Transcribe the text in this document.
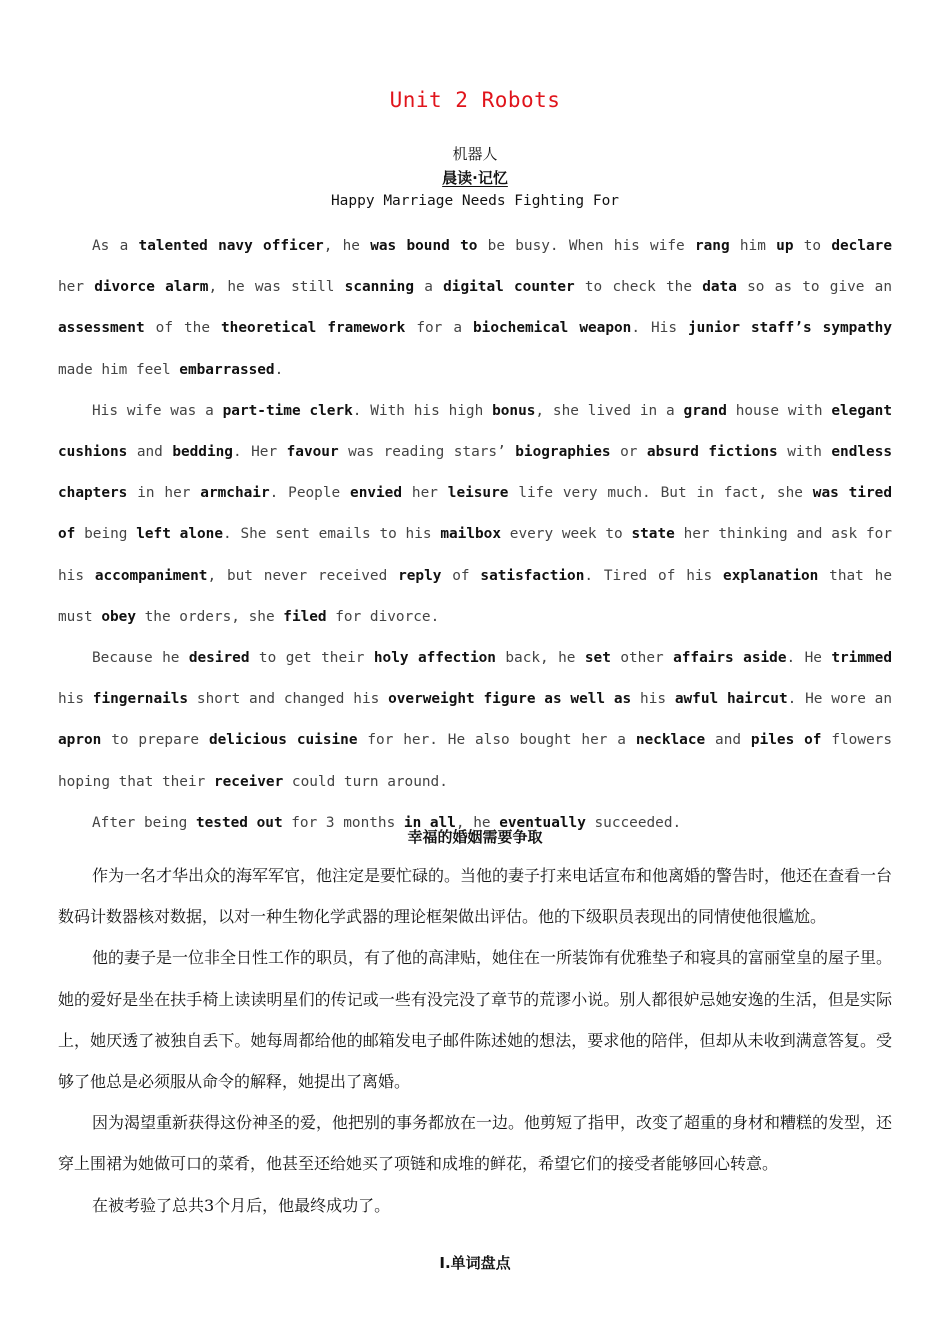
Unit 2 Robots
机器人
晨读·记忆
Happy Marriage Needs Fighting For

As a talented navy officer, he was bound to be busy. When his wife rang him up to declare her divorce alarm, he was still scanning a digital counter to check the data so as to give an assessment of the theoretical framework for a biochemical weapon. His junior staff’s sympathy made him feel embarrassed.

His wife was a part-time clerk. With his high bonus, she lived in a grand house with elegant cushions and bedding. Her favour was reading stars’ biographies or absurd fictions with endless chapters in her armchair. People envied her leisure life very much. But in fact, she was tired of being left alone. She sent emails to his mailbox every week to state her thinking and ask for his accompaniment, but never received reply of satisfaction. Tired of his explanation that he must obey the orders, she filed for divorce.

Because he desired to get their holy affection back, he set other affairs aside. He trimmed his fingernails short and changed his overweight figure as well as his awful haircut. He wore an apron to prepare delicious cuisine for her. He also bought her a necklace and piles of flowers hoping that their receiver could turn around.

After being tested out for 3 months in all, he eventually succeeded.

幸福的婚姻需要争取

作为一名才华出众的海军军官，他注定是要忙碌的。当他的妻子打来电话宣布和他离婚的警告时，他还在查看一台数码计数器核对数据，以对一种生物化学武器的理论框架做出评估。他的下级职员表现出的同情使他很尴尬。

他的妻子是一位非全日性工作的职员，有了他的高津贴，她住在一所装饰有优雅垫子和寝具的富丽堂皇的屋子里。她的爱好是坐在扶手椅上读读明星们的传记或一些有没完没了章节的荒谬小说。别人都很妒忌她安逸的生活，但是实际上，她厌透了被独自丢下。她每周都给他的邮箱发电子邮件陈述她的想法，要求他的陪伴，但却从未收到满意答复。受够了他总是必须服从命令的解释，她提出了离婚。

因为渴望重新获得这份神圣的爱，他把别的事务都放在一边。他剪短了指甲，改变了超重的身材和糟糕的发型，还穿上围裙为她做可口的菜肴，他甚至还给她买了项链和成堆的鲜花，希望它们的接受者能够回心转意。

在被考验了总共3个月后，他最终成功了。

I.单词盘点
